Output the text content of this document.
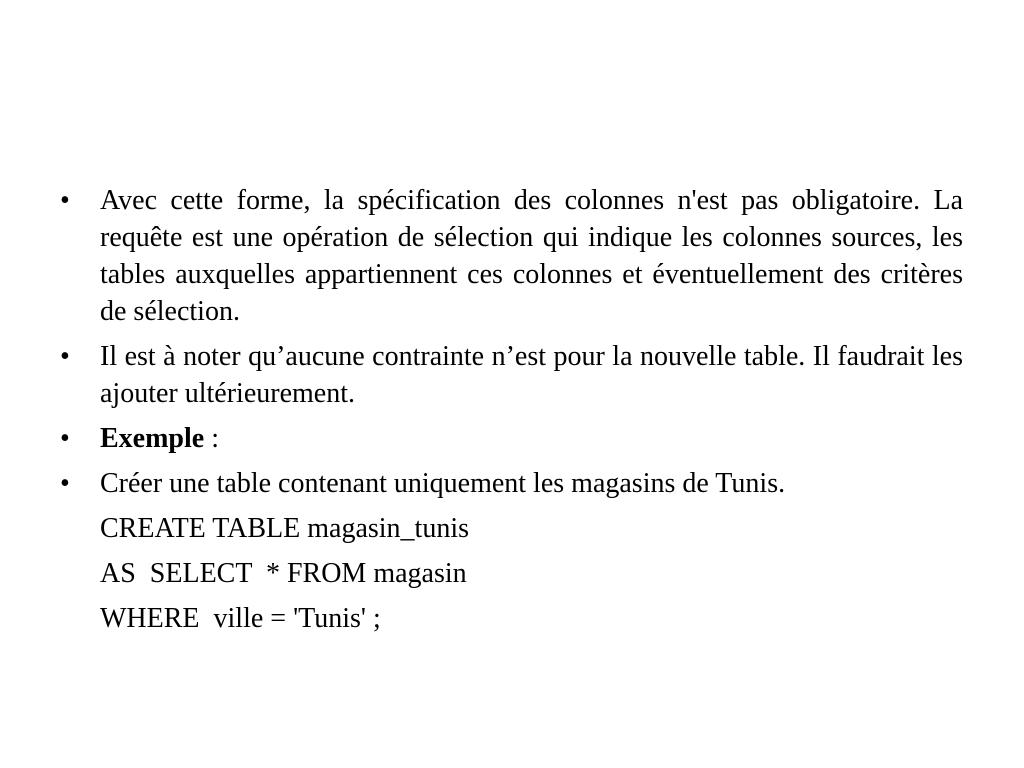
• Avec cette forme, la spécification des colonnes n'est pas obligatoire. La requête est une opération de sélection qui indique les colonnes sources, les tables auxquelles appartiennent ces colonnes et éventuellement des critères de sélection.
• Il est à noter qu’aucune contrainte n’est pour la nouvelle table. Il faudrait les ajouter ultérieurement.
• Exemple :
• Créer une table contenant uniquement les magasins de Tunis.
CREATE TABLE magasin_tunis
AS  SELECT  * FROM magasin
WHERE  ville = 'Tunis' ;
